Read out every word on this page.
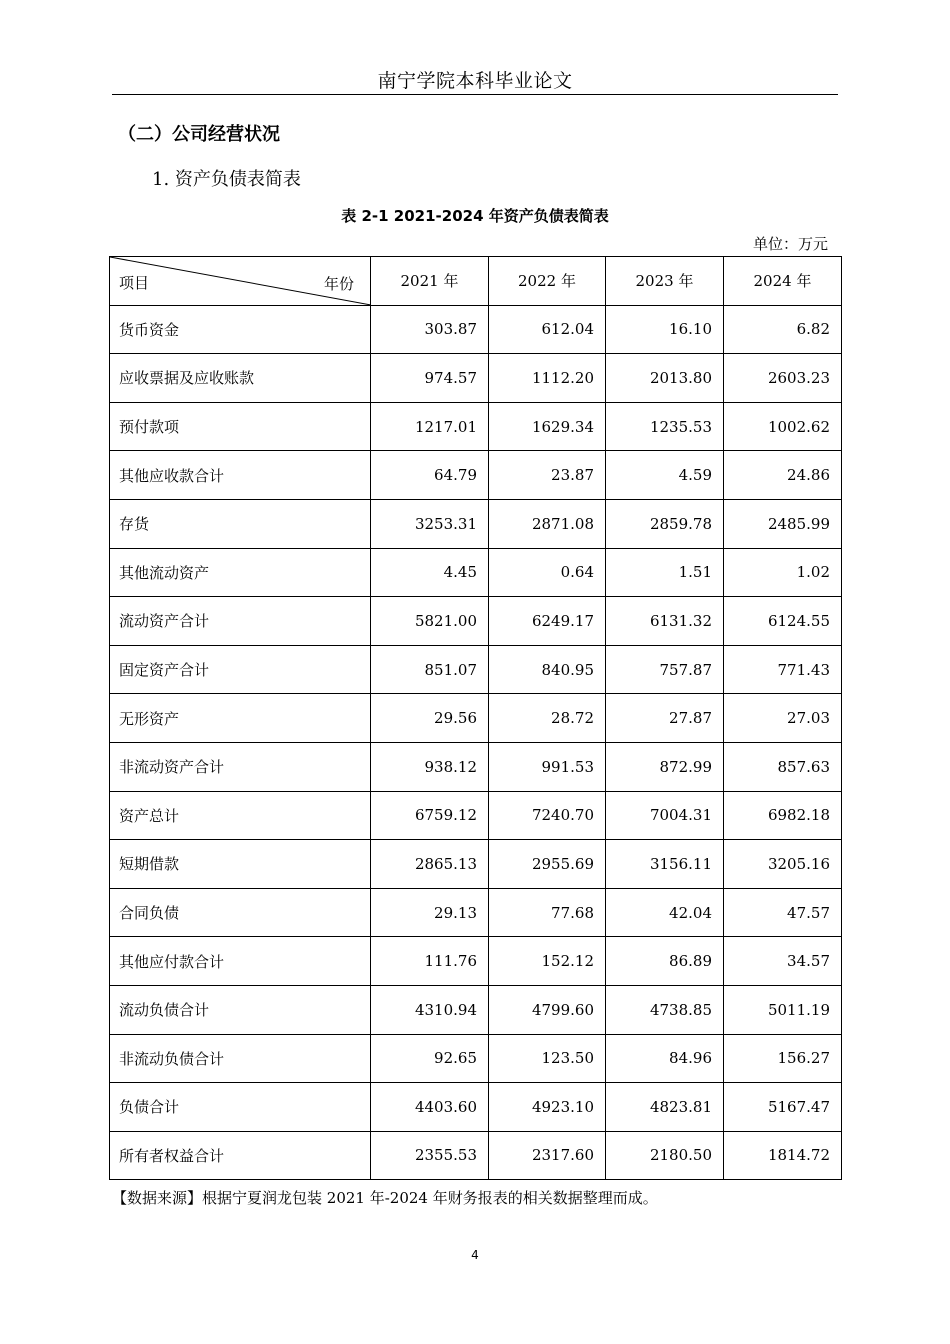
南宁学院本科毕业论文
（二）公司经营状况
1. 资产负债表简表
表 2-1 2021-2024 年资产负债表简表
单位：万元
项目 年份	2021 年	2022 年	2023 年	2024 年
货币资金	303.87	612.04	16.10	6.82
应收票据及应收账款	974.57	1112.20	2013.80	2603.23
预付款项	1217.01	1629.34	1235.53	1002.62
其他应收款合计	64.79	23.87	4.59	24.86
存货	3253.31	2871.08	2859.78	2485.99
其他流动资产	4.45	0.64	1.51	1.02
流动资产合计	5821.00	6249.17	6131.32	6124.55
固定资产合计	851.07	840.95	757.87	771.43
无形资产	29.56	28.72	27.87	27.03
非流动资产合计	938.12	991.53	872.99	857.63
资产总计	6759.12	7240.70	7004.31	6982.18
短期借款	2865.13	2955.69	3156.11	3205.16
合同负债	29.13	77.68	42.04	47.57
其他应付款合计	111.76	152.12	86.89	34.57
流动负债合计	4310.94	4799.60	4738.85	5011.19
非流动负债合计	92.65	123.50	84.96	156.27
负债合计	4403.60	4923.10	4823.81	5167.47
所有者权益合计	2355.53	2317.60	2180.50	1814.72
【数据来源】根据宁夏润龙包装 2021 年-2024 年财务报表的相关数据整理而成。
4
